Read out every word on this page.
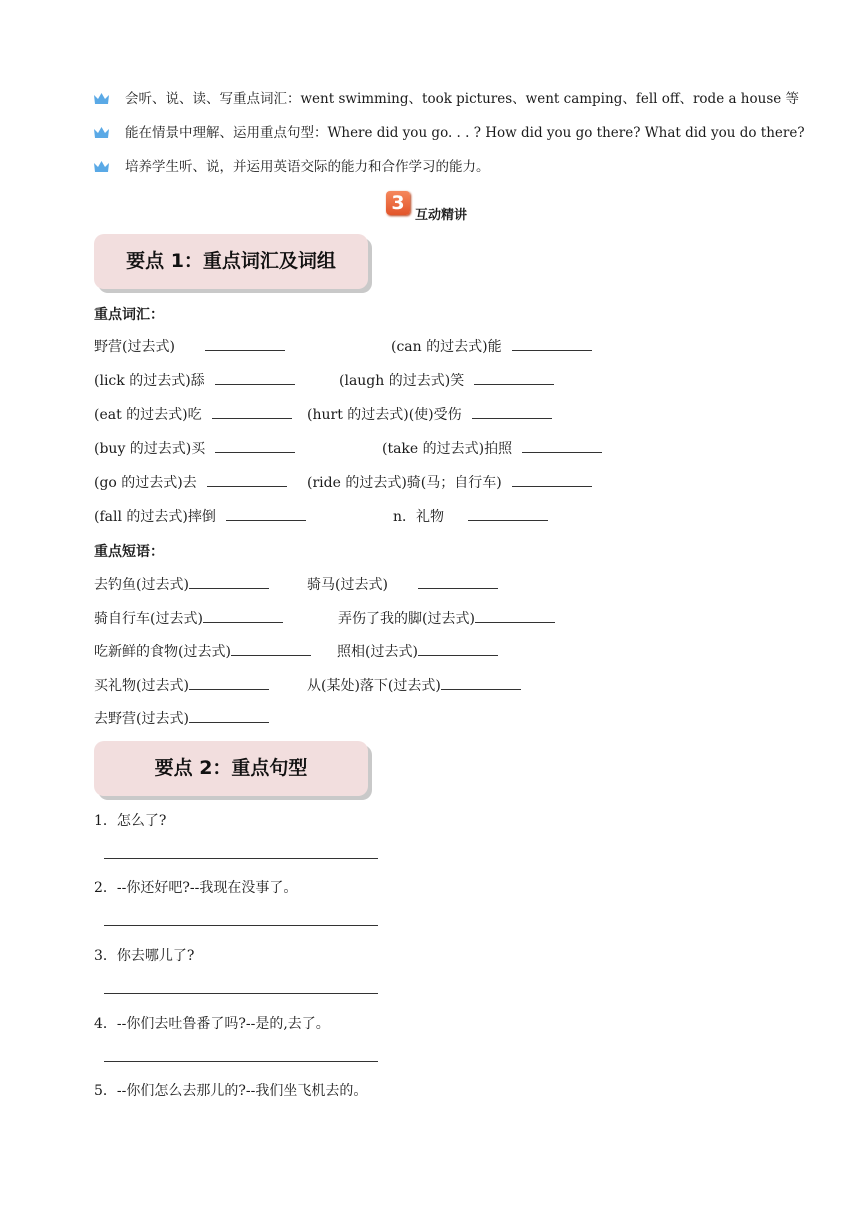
会听、说、读、写重点词汇：went swimming、took pictures、went camping、fell off、rode a house 等
能在情景中理解、运用重点句型：Where did you go. . . ? How did you go there? What did you do there?
培养学生听、说，并运用英语交际的能力和合作学习的能力。
3
互动精讲
要点 1：重点词汇及词组
重点词汇：
野营(过去式)	(can 的过去式)能
(lick 的过去式)舔	(laugh 的过去式)笑
(eat 的过去式)吃	(hurt 的过去式)(使)受伤
(buy 的过去式)买	(take 的过去式)拍照
(go 的过去式)去	(ride 的过去式)骑(马；自行车)
(fall 的过去式)摔倒	n．礼物
重点短语：
去钓鱼(过去式)	骑马(过去式)
骑自行车(过去式)	弄伤了我的脚(过去式)
吃新鲜的食物(过去式)	照相(过去式)
买礼物(过去式)	从(某处)落下(过去式)
去野营(过去式)
要点 2：重点句型
1．怎么了?
2．--你还好吧?--我现在没事了。
3．你去哪儿了?
4．--你们去吐鲁番了吗?--是的,去了。
5．--你们怎么去那儿的?--我们坐飞机去的。
